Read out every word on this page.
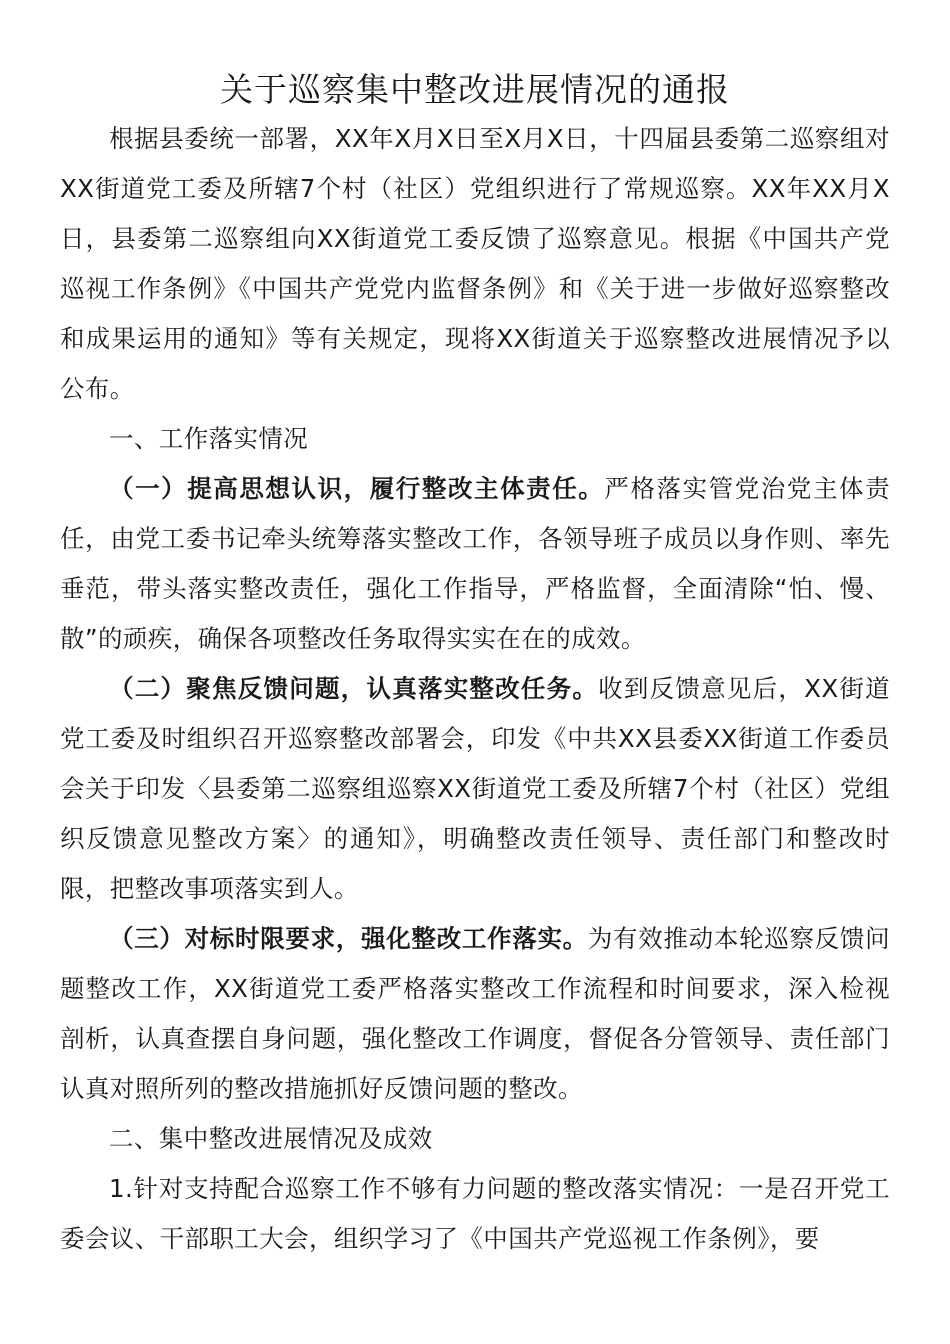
关于巡察集中整改进展情况的通报

根据县委统一部署，XX年X月X日至X月X日，十四届县委第二巡察组对XX街道党工委及所辖7个村（社区）党组织进行了常规巡察。XX年XX月X日，县委第二巡察组向XX街道党工委反馈了巡察意见。根据《中国共产党巡视工作条例》《中国共产党党内监督条例》和《关于进一步做好巡察整改和成果运用的通知》等有关规定，现将XX街道关于巡察整改进展情况予以公布。

一、工作落实情况

（一）提高思想认识，履行整改主体责任。严格落实管党治党主体责任，由党工委书记牵头统筹落实整改工作，各领导班子成员以身作则、率先垂范，带头落实整改责任，强化工作指导，严格监督，全面清除“怕、慢、散”的顽疾，确保各项整改任务取得实实在在的成效。

（二）聚焦反馈问题，认真落实整改任务。收到反馈意见后，XX街道党工委及时组织召开巡察整改部署会，印发《中共XX县委XX街道工作委员会关于印发〈县委第二巡察组巡察XX街道党工委及所辖7个村（社区）党组织反馈意见整改方案〉的通知》，明确整改责任领导、责任部门和整改时限，把整改事项落实到人。

（三）对标时限要求，强化整改工作落实。为有效推动本轮巡察反馈问题整改工作，XX街道党工委严格落实整改工作流程和时间要求，深入检视剖析，认真查摆自身问题，强化整改工作调度，督促各分管领导、责任部门认真对照所列的整改措施抓好反馈问题的整改。

二、集中整改进展情况及成效

1.针对支持配合巡察工作不够有力问题的整改落实情况：一是召开党工委会议、干部职工大会，组织学习了《中国共产党巡视工作条例》，要
